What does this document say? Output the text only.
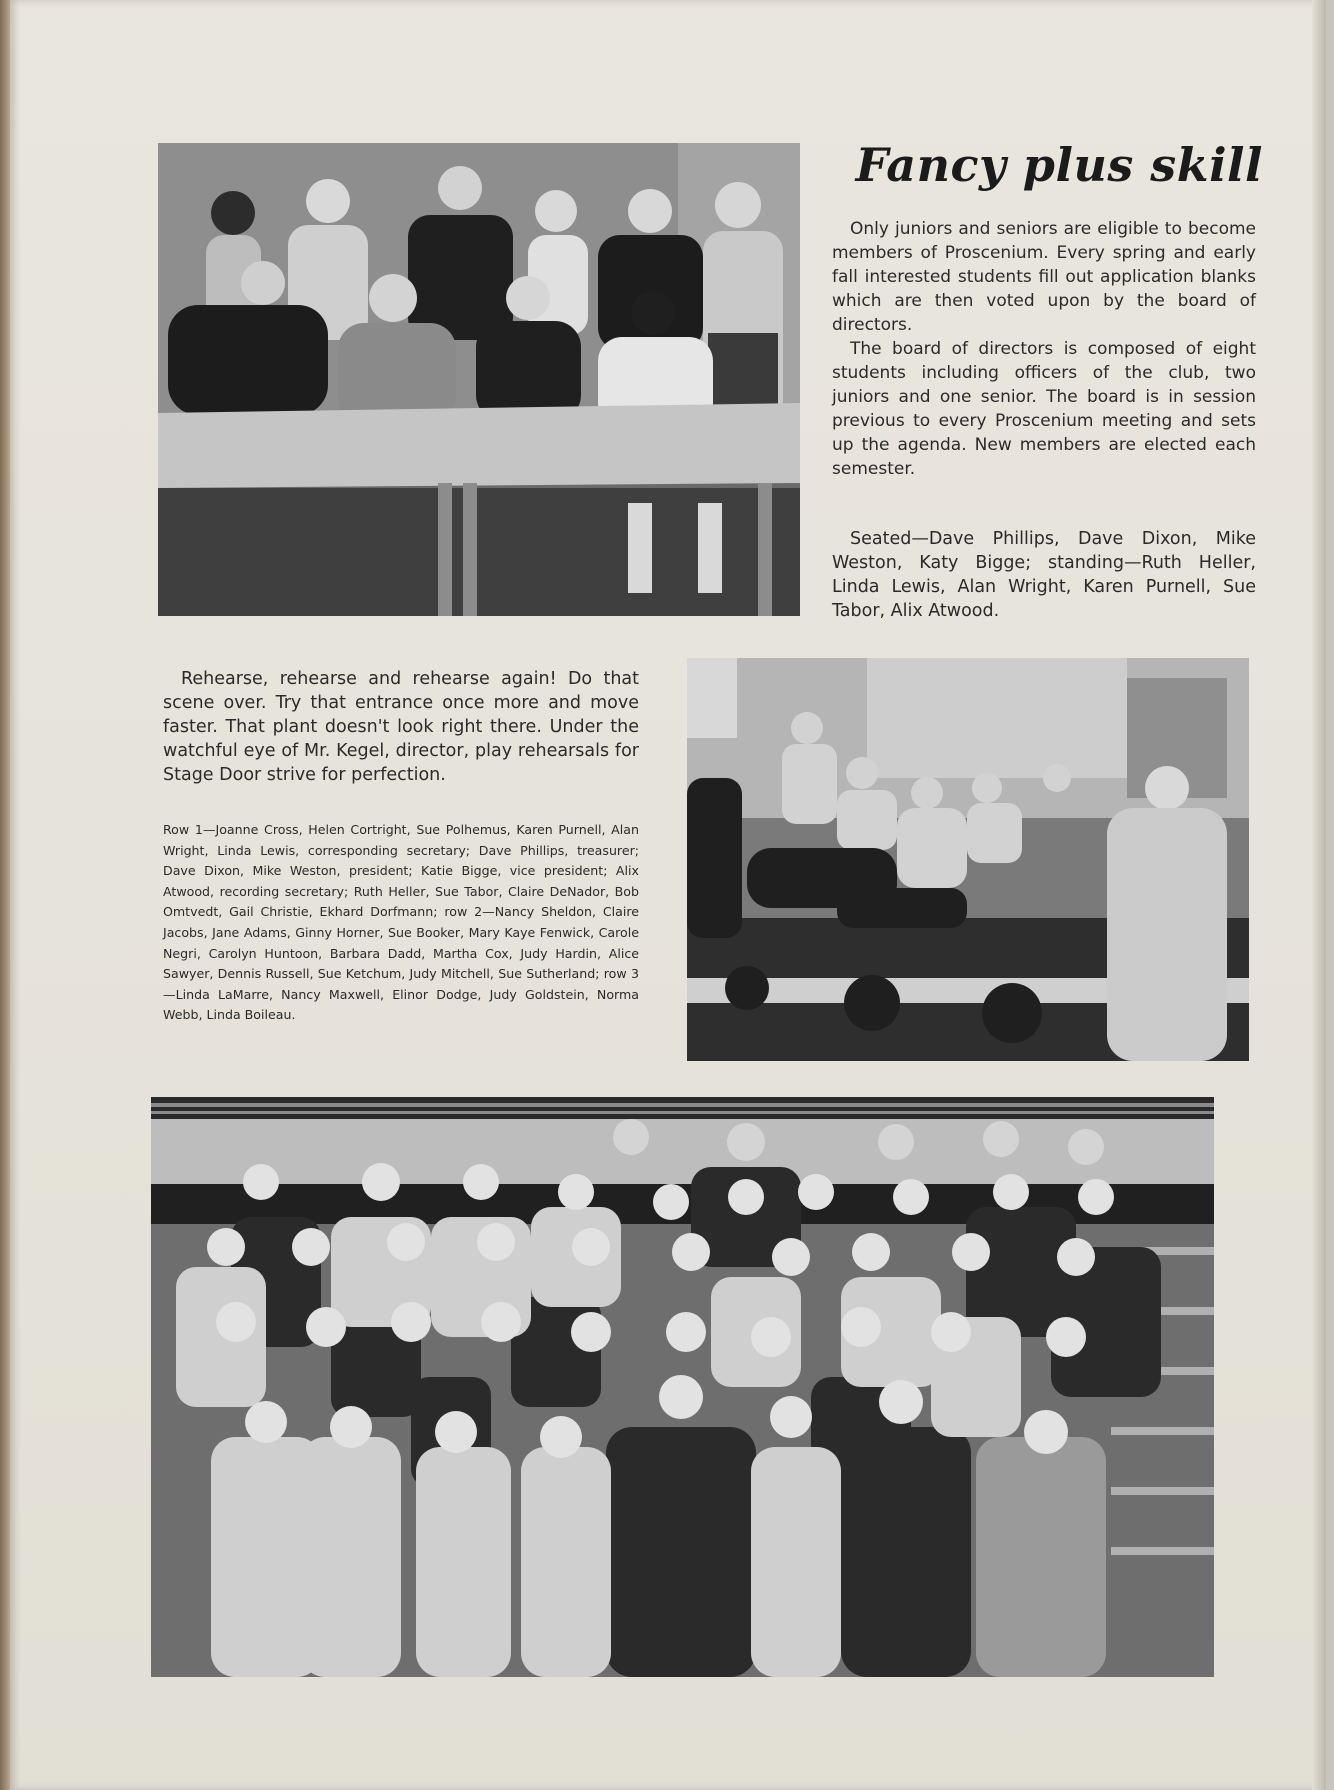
Fancy plus skill

Only juniors and seniors are eligible to become members of Proscenium. Every spring and early fall interested students fill out application blanks which are then voted upon by the board of directors.

The board of directors is composed of eight students including officers of the club, two juniors and one senior. The board is in session previous to every Proscenium meeting and sets up the agenda. New members are elected each semester.

Seated—Dave Phillips, Dave Dixon, Mike Weston, Katy Bigge; standing—Ruth Heller, Linda Lewis, Alan Wright, Karen Purnell, Sue Tabor, Alix Atwood.

Rehearse, rehearse and rehearse again! Do that scene over. Try that entrance once more and move faster. That plant doesn't look right there. Under the watchful eye of Mr. Kegel, director, play rehearsals for Stage Door strive for perfection.

Row 1—Joanne Cross, Helen Cortright, Sue Polhemus, Karen Purnell, Alan Wright, Linda Lewis, corresponding secretary; Dave Phillips, treasurer; Dave Dixon, Mike Weston, president; Katie Bigge, vice president; Alix Atwood, recording secretary; Ruth Heller, Sue Tabor, Claire DeNador, Bob Omtvedt, Gail Christie, Ekhard Dorfmann; row 2—Nancy Sheldon, Claire Jacobs, Jane Adams, Ginny Horner, Sue Booker, Mary Kaye Fenwick, Carole Negri, Carolyn Huntoon, Barbara Dadd, Martha Cox, Judy Hardin, Alice Sawyer, Dennis Russell, Sue Ketchum, Judy Mitchell, Sue Sutherland; row 3—Linda LaMarre, Nancy Maxwell, Elinor Dodge, Judy Goldstein, Norma Webb, Linda Boileau.

132
